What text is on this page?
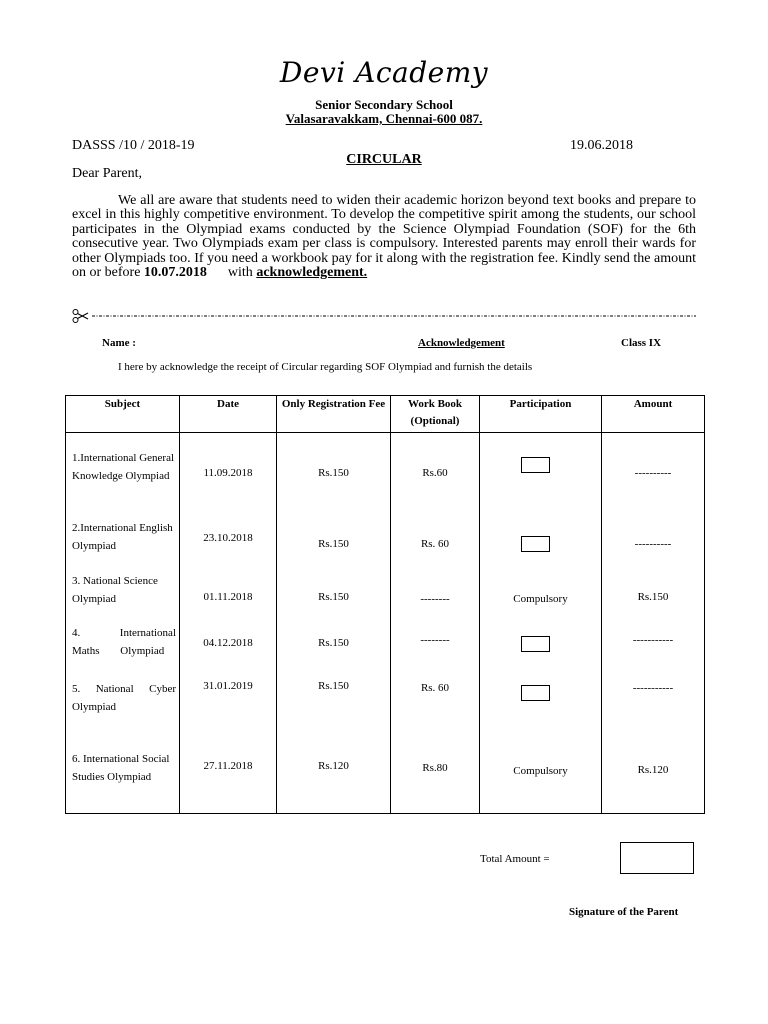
Devi Academy
Senior Secondary School
Valasaravakkam, Chennai-600 087.
DASSS /10 / 2018-19	19.06.2018
CIRCULAR
Dear Parent,
We all are aware that students need to widen their academic horizon beyond text books and prepare to excel in this highly competitive environment. To develop the competitive spirit among the students, our school participates in the Olympiad exams conducted by the Science Olympiad Foundation (SOF) for the 6th consecutive year. Two Olympiads exam per class is compulsory. Interested parents may enroll their wards for other Olympiads too. If you need a workbook pay for it along with the registration fee. Kindly send the amount on or before 10.07.2018 with acknowledgement.
Name :	Acknowledgement	Class IX
I here by acknowledge the receipt of Circular regarding SOF Olympiad and furnish the details
Subject	Date	Only Registration Fee	Work Book (Optional)	Participation	Amount

1.International General Knowledge Olympiad	11.09.2018	Rs.150	Rs.60		----------

2.International English Olympiad	23.10.2018	Rs.150	Rs. 60		----------

3. National Science Olympiad	01.11.2018	Rs.150	--------	Compulsory	Rs.150

4. International Maths Olympiad	04.12.2018	Rs.150	--------		-----------

5. National Cyber Olympiad	31.01.2019	Rs.150	Rs. 60		-----------

6. International Social Studies Olympiad	27.11.2018	Rs.120	Rs.80	Compulsory	Rs.120
Total Amount =
Signature of the Parent
